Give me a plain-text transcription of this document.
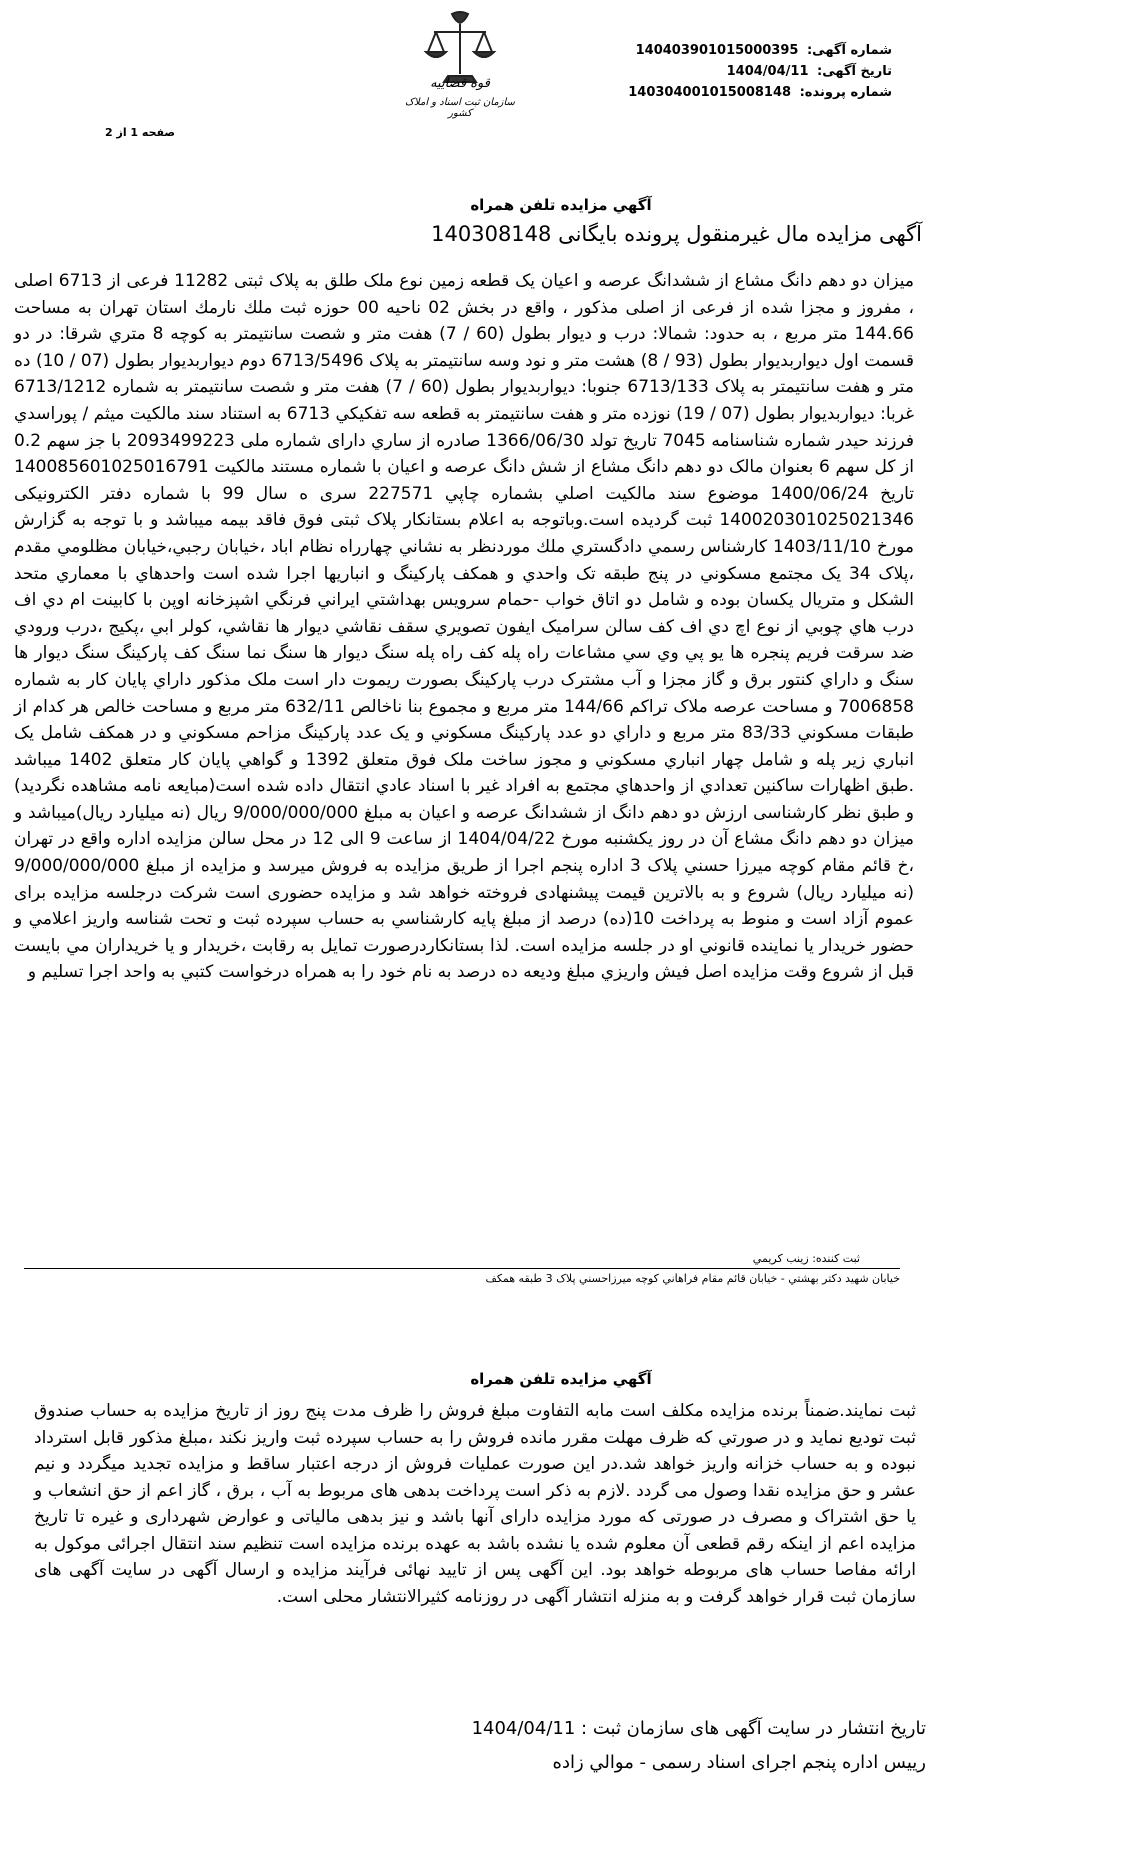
شماره آگهی: 140403901015000395
تاریخ آگهی: 1404/04/11
شماره پرونده: 140304001015008148
قوه قضاییه
سازمان ثبت اسناد و املاک کشور
صفحه 1 از 2
آگهي مزايده تلفن همراه
آگهی مزایده مال غیرمنقول پرونده بایگانی 140308148
میزان دو دهم دانگ مشاع از ششدانگ عرصه و اعیان یک قطعه زمین نوع ملک طلق به پلاک ثبتی 11282 فرعی از 6713 اصلی ، مفروز و مجزا شده از فرعی از اصلی مذکور ، واقع در بخش 02 ناحیه 00 حوزه ثبت ملك نارمك استان تهران به مساحت 144.66 متر مربع ، به حدود: شمالا: درب و ديوار بطول (60 / 7) هفت متر و شصت سانتيمتر به كوچه 8 متري شرقا: در دو قسمت اول ديواربديوار بطول (93 / 8) هشت متر و نود وسه سانتيمتر به پلاک 6713/5496 دوم ديواربديوار بطول (07 / 10) ده متر و هفت سانتيمتر به پلاک 6713/133 جنوبا: ديواربديوار بطول (60 / 7) هفت متر و شصت سانتيمتر به شماره 6713/1212 غربا: ديواربديوار بطول (07 / 19) نوزده متر و هفت سانتيمتر به قطعه سه تفكيكي 6713 به استناد سند مالكيت ميثم / پوراسدي فرزند حيدر شماره شناسنامه 7045 تاريخ تولد 1366/06/30 صادره از ساري دارای شماره ملی 2093499223 با جز سهم 0.2 از کل سهم 6 بعنوان مالک دو دهم دانگ مشاع از شش دانگ عرصه و اعیان با شماره مستند مالكيت 140085601025016791 تاريخ 1400/06/24 موضوع سند مالكيت اصلي بشماره چاپي 227571 سری ه سال 99 با شماره دفتر الكترونيكی 140020301025021346 ثبت گرديده است.وباتوجه به اعلام بستانكار پلاک ثبتی فوق فاقد بيمه ميباشد و با توجه به گزارش مورخ 1403/11/10 كارشناس رسمي دادگستري ملك موردنظر به نشاني چهارراه نظام اباد ،خيابان رجبي،خيابان مظلومي مقدم ،پلاک 34 يک مجتمع مسكوني در پنج طبقه تک واحدي و همكف پاركينگ و انباريها اجرا شده است واحدهاي با معماري متحد الشكل و متريال يكسان بوده و شامل دو اتاق خواب -حمام سرويس بهداشتي ايراني فرنگي اشپزخانه اوپن با كابينت ام دي اف درب هاي چوبي از نوع اچ دي اف كف سالن سراميک ايفون تصويري سقف نقاشي ديوار ها نقاشي، كولر ابي ،پكيج ،درب ورودي ضد سرقت فريم پنجره ها يو پي وي سي مشاعات راه پله كف راه پله سنگ ديوار ها سنگ نما سنگ كف پاركينگ سنگ ديوار ها سنگ و داراي كنتور برق و گاز مجزا و آب مشترک درب پاركينگ بصورت ريموت دار است ملک مذكور داراي پايان كار به شماره 7006858 و مساحت عرصه ملاک تراكم 144/66 متر مربع و مجموع بنا ناخالص 632/11 متر مربع و مساحت خالص هر كدام از طبقات مسكوني 83/33 متر مربع و داراي دو عدد پاركينگ مسكوني و يک عدد پاركينگ مزاحم مسكوني و در همكف شامل يک انباري زير پله و شامل چهار انباري مسكوني و مجوز ساخت ملک فوق متعلق 1392 و گواهي پايان كار متعلق 1402 ميباشد .طبق اظهارات ساكنين تعدادي از واحدهاي مجتمع به افراد غير با اسناد عادي انتقال داده شده است(مبايعه نامه مشاهده نگرديد) و طبق نظر كارشناسی ارزش دو دهم دانگ از ششدانگ عرصه و اعیان به مبلغ 9/000/000/000 ريال (نه ميليارد ريال)ميباشد و ميزان دو دهم دانگ مشاع آن در روز یکشنبه مورخ 1404/04/22 از ساعت 9 الی 12 در محل سالن مزایده اداره واقع در تهران ،خ قائم مقام كوچه ميرزا حسني پلاک 3 اداره پنجم اجرا از طریق مزایده به فروش میرسد و مزایده از مبلغ 9/000/000/000 (نه میلیارد ریال) شروع و به بالاترین قیمت پیشنهادی فروخته خواهد شد و مزایده حضوری است شرکت درجلسه مزایده برای عموم آزاد است و منوط به پرداخت 10(ده) درصد از مبلغ پایه كارشناسي به حساب سپرده ثبت و تحت شناسه واريز اعلامي و حضور خريدار يا نماينده قانوني او در جلسه مزايده است. لذا بستانكاردرصورت تمايل به رقابت ،خريدار و يا خريداران مي بايست قبل از شروع وقت مزايده اصل فيش واريزي مبلغ وديعه ده درصد به نام خود را به همراه درخواست كتبي به واحد اجرا تسليم و
ثبت کننده: زينب كريمي
خيابان شهيد دكتر بهشتي - خيابان قائم مقام فراهاني كوچه ميرزاحسني پلاک 3 طبقه همكف
آگهي مزايده تلفن همراه
ثبت نمایند.ضمناً برنده مزایده مکلف است مابه التفاوت مبلغ فروش را ظرف مدت پنج روز از تاریخ مزایده به حساب صندوق ثبت تودیع نماید و در صورتي كه ظرف مهلت مقرر مانده فروش را به حساب سپرده ثبت واريز نكند ،مبلغ مذكور قابل استرداد نبوده و به حساب خزانه واريز خواهد شد.در این صورت عملیات فروش از درجه اعتبار ساقط و مزایده تجدید میگردد و نیم عشر و حق مزایده نقدا وصول می گردد .لازم به ذكر است پرداخت بدهی های مربوط به آب ، برق ، گاز اعم از حق انشعاب و یا حق اشتراک و مصرف در صورتی كه مورد مزایده دارای آنها باشد و نیز بدهی مالیاتی و عوارض شهرداری و غیره تا تاریخ مزایده اعم از اینكه رقم قطعی آن معلوم شده یا نشده باشد به عهده برنده مزایده است تنظیم سند انتقال اجرائی موكول به ارائه مفاصا حساب های مربوطه خواهد بود. این آگهی پس از تایید نهائی فرآیند مزایده و ارسال آگهی در سایت آگهی های سازمان ثبت قرار خواهد گرفت و به منزله انتشار آگهی در روزنامه کثیرالانتشار محلی است.
تاریخ انتشار در سایت آگهی های سازمان ثبت : 1404/04/11
رییس اداره پنجم اجرای اسناد رسمی - موالي زاده
